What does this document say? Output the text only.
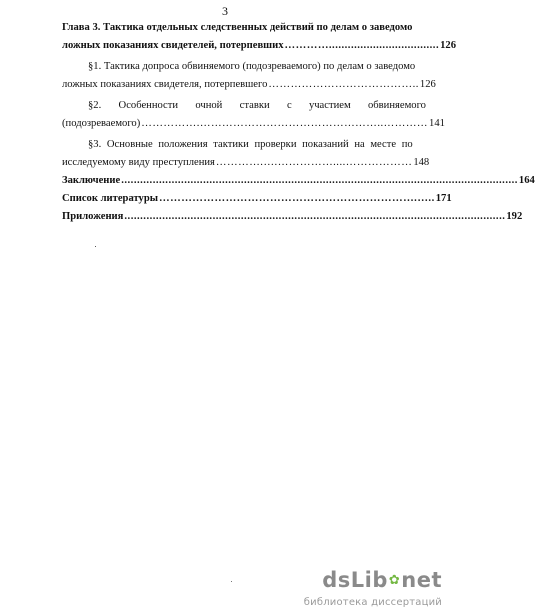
3
Глава 3. Тактика отдельных следственных действий по делам о заведомо
ложных показаниях свидетелей, потерпевших …………................................... 126
§1. Тактика допроса обвиняемого (подозреваемого) по делам о заведомо
ложных показаниях свидетеля, потерпевшего ………………………………….. 126
§2. Особенности очной ставки с участием обвиняемого
(подозреваемого) …………….…………………………………………..………… 141
§3. Основные положения тактики проверки показаний на месте по
исследуемому виду преступления ………….….……………....……………… 148
Заключение .............................................................................................................................. 164
Список литературы …………………………………………………………….….. 171
Приложения ......................................................................................................................... 192
dsLib ✿ net
библиотека диссертаций
